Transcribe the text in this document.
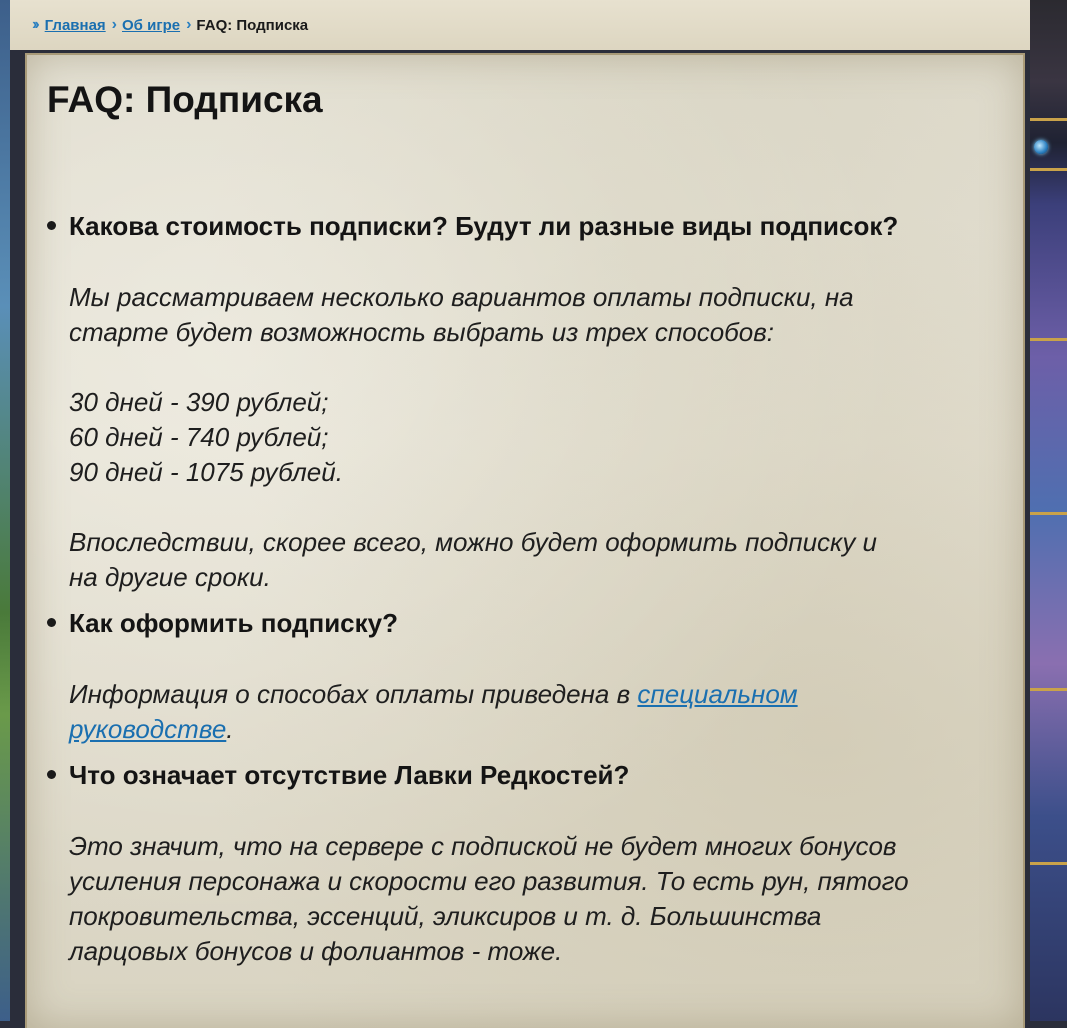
›› Главная › Об игре › FAQ: Подписка
FAQ: Подписка

Какова стоимость подписки? Будут ли разные виды подписок?

Мы рассматриваем несколько вариантов оплаты подписки, на
старте будет возможность выбрать из трех способов:
30 дней - 390 рублей;
60 дней - 740 рублей;
90 дней - 1075 рублей.
Впоследствии, скорее всего, можно будет оформить подписку и
на другие сроки.

Как оформить подписку?

Информация о способах оплаты приведена в специальном
руководстве.

Что означает отсутствие Лавки Редкостей?

Это значит, что на сервере с подпиской не будет многих бонусов
усиления персонажа и скорости его развития. То есть рун, пятого
покровительства, эссенций, эликсиров и т. д. Большинства
ларцовых бонусов и фолиантов - тоже.
